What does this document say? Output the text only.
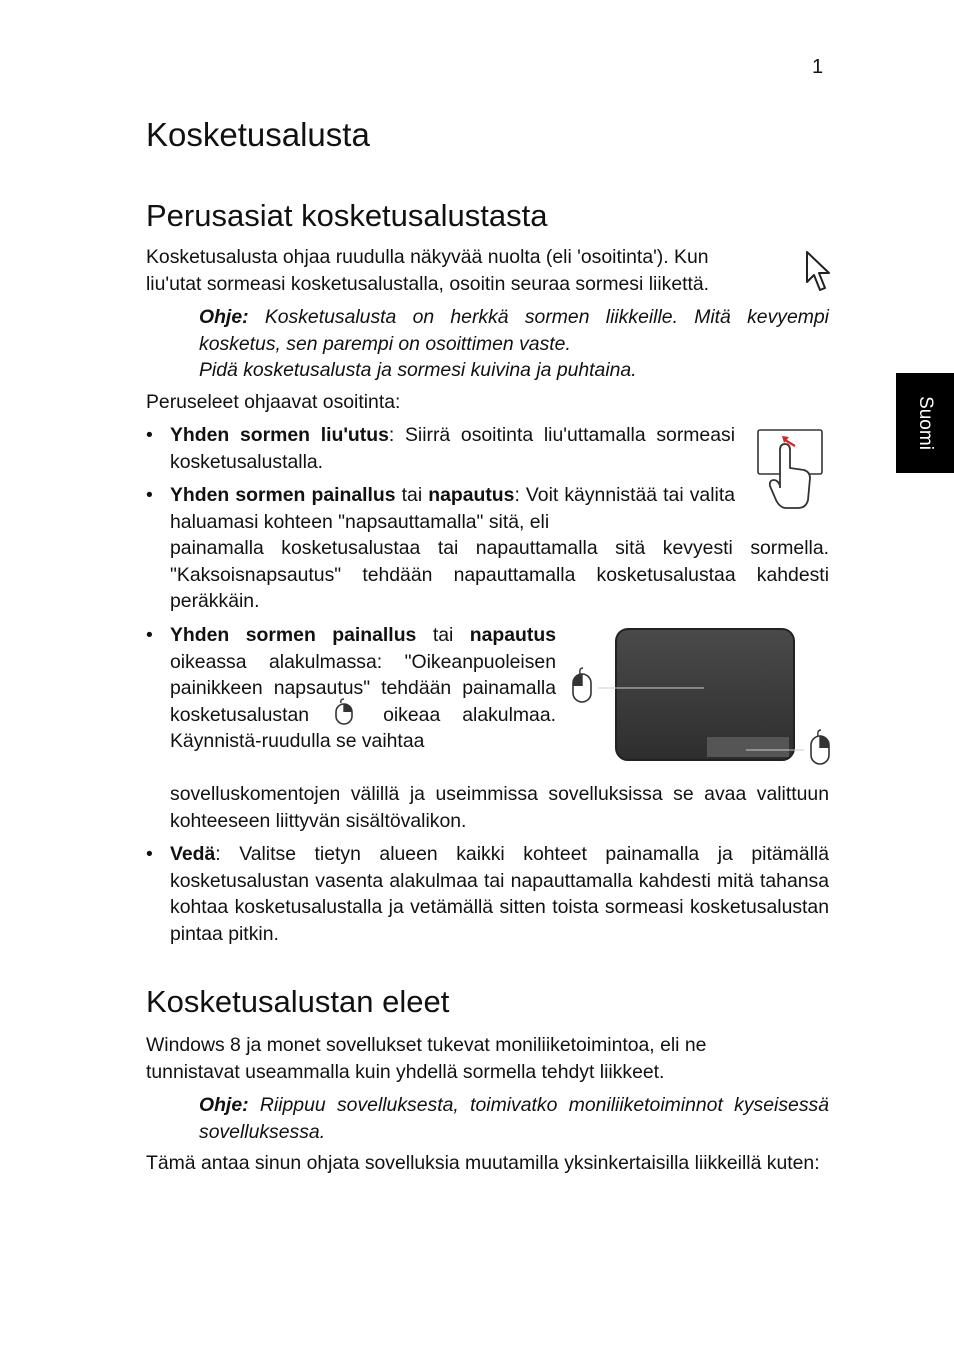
1
Suomi
Kosketusalusta
Perusasiat kosketusalustasta

Kosketusalusta ohjaa ruudulla näkyvää nuolta (eli 'osoitinta'). Kun
liu'utat sormeasi kosketusalustalla, osoitin seuraa sormesi liikettä.

Ohje: Kosketusalusta on herkkä sormen liikkeille. Mitä kevyempi kosketus, sen parempi on osoittimen vaste.

Pidä kosketusalusta ja sormesi kuivina ja puhtaina.

Peruseleet ohjaavat osoitinta:

• Yhden sormen liu'utus: Siirrä osoitinta liu'uttamalla sormeasi kosketusalustalla.

• Yhden sormen painallus tai napautus: Voit käynnistää tai valita haluamasi kohteen "napsauttamalla" sitä, eli

painamalla kosketusalustaa tai napauttamalla sitä kevyesti sormella. "Kaksoisnapsautus" tehdään napauttamalla kosketusalustaa kahdesti peräkkäin.

• Yhden sormen painallus tai napautus oikeassa alakulmassa: "Oikeanpuoleisen painikkeen napsautus" tehdään painamalla kosketusalustan	oikeaa alakulmaa. Käynnistä-ruudulla se vaihtaa

sovelluskomentojen välillä ja useimmissa sovelluksissa se avaa valittuun kohteeseen liittyvän sisältövalikon.

• Vedä: Valitse tietyn alueen kaikki kohteet painamalla ja pitämällä kosketusalustan vasenta alakulmaa tai napauttamalla kahdesti mitä tahansa kohtaa kosketusalustalla ja vetämällä sitten toista sormeasi kosketusalustan pintaa pitkin.

Kosketusalustan eleet

Windows 8 ja monet sovellukset tukevat moniliiketoimintoa, eli ne
tunnistavat useammalla kuin yhdellä sormella tehdyt liikkeet.

Ohje: Riippuu sovelluksesta, toimivatko moniliiketoiminnot kyseisessä sovelluksessa.

Tämä antaa sinun ohjata sovelluksia muutamilla yksinkertaisilla liikkeillä kuten:
